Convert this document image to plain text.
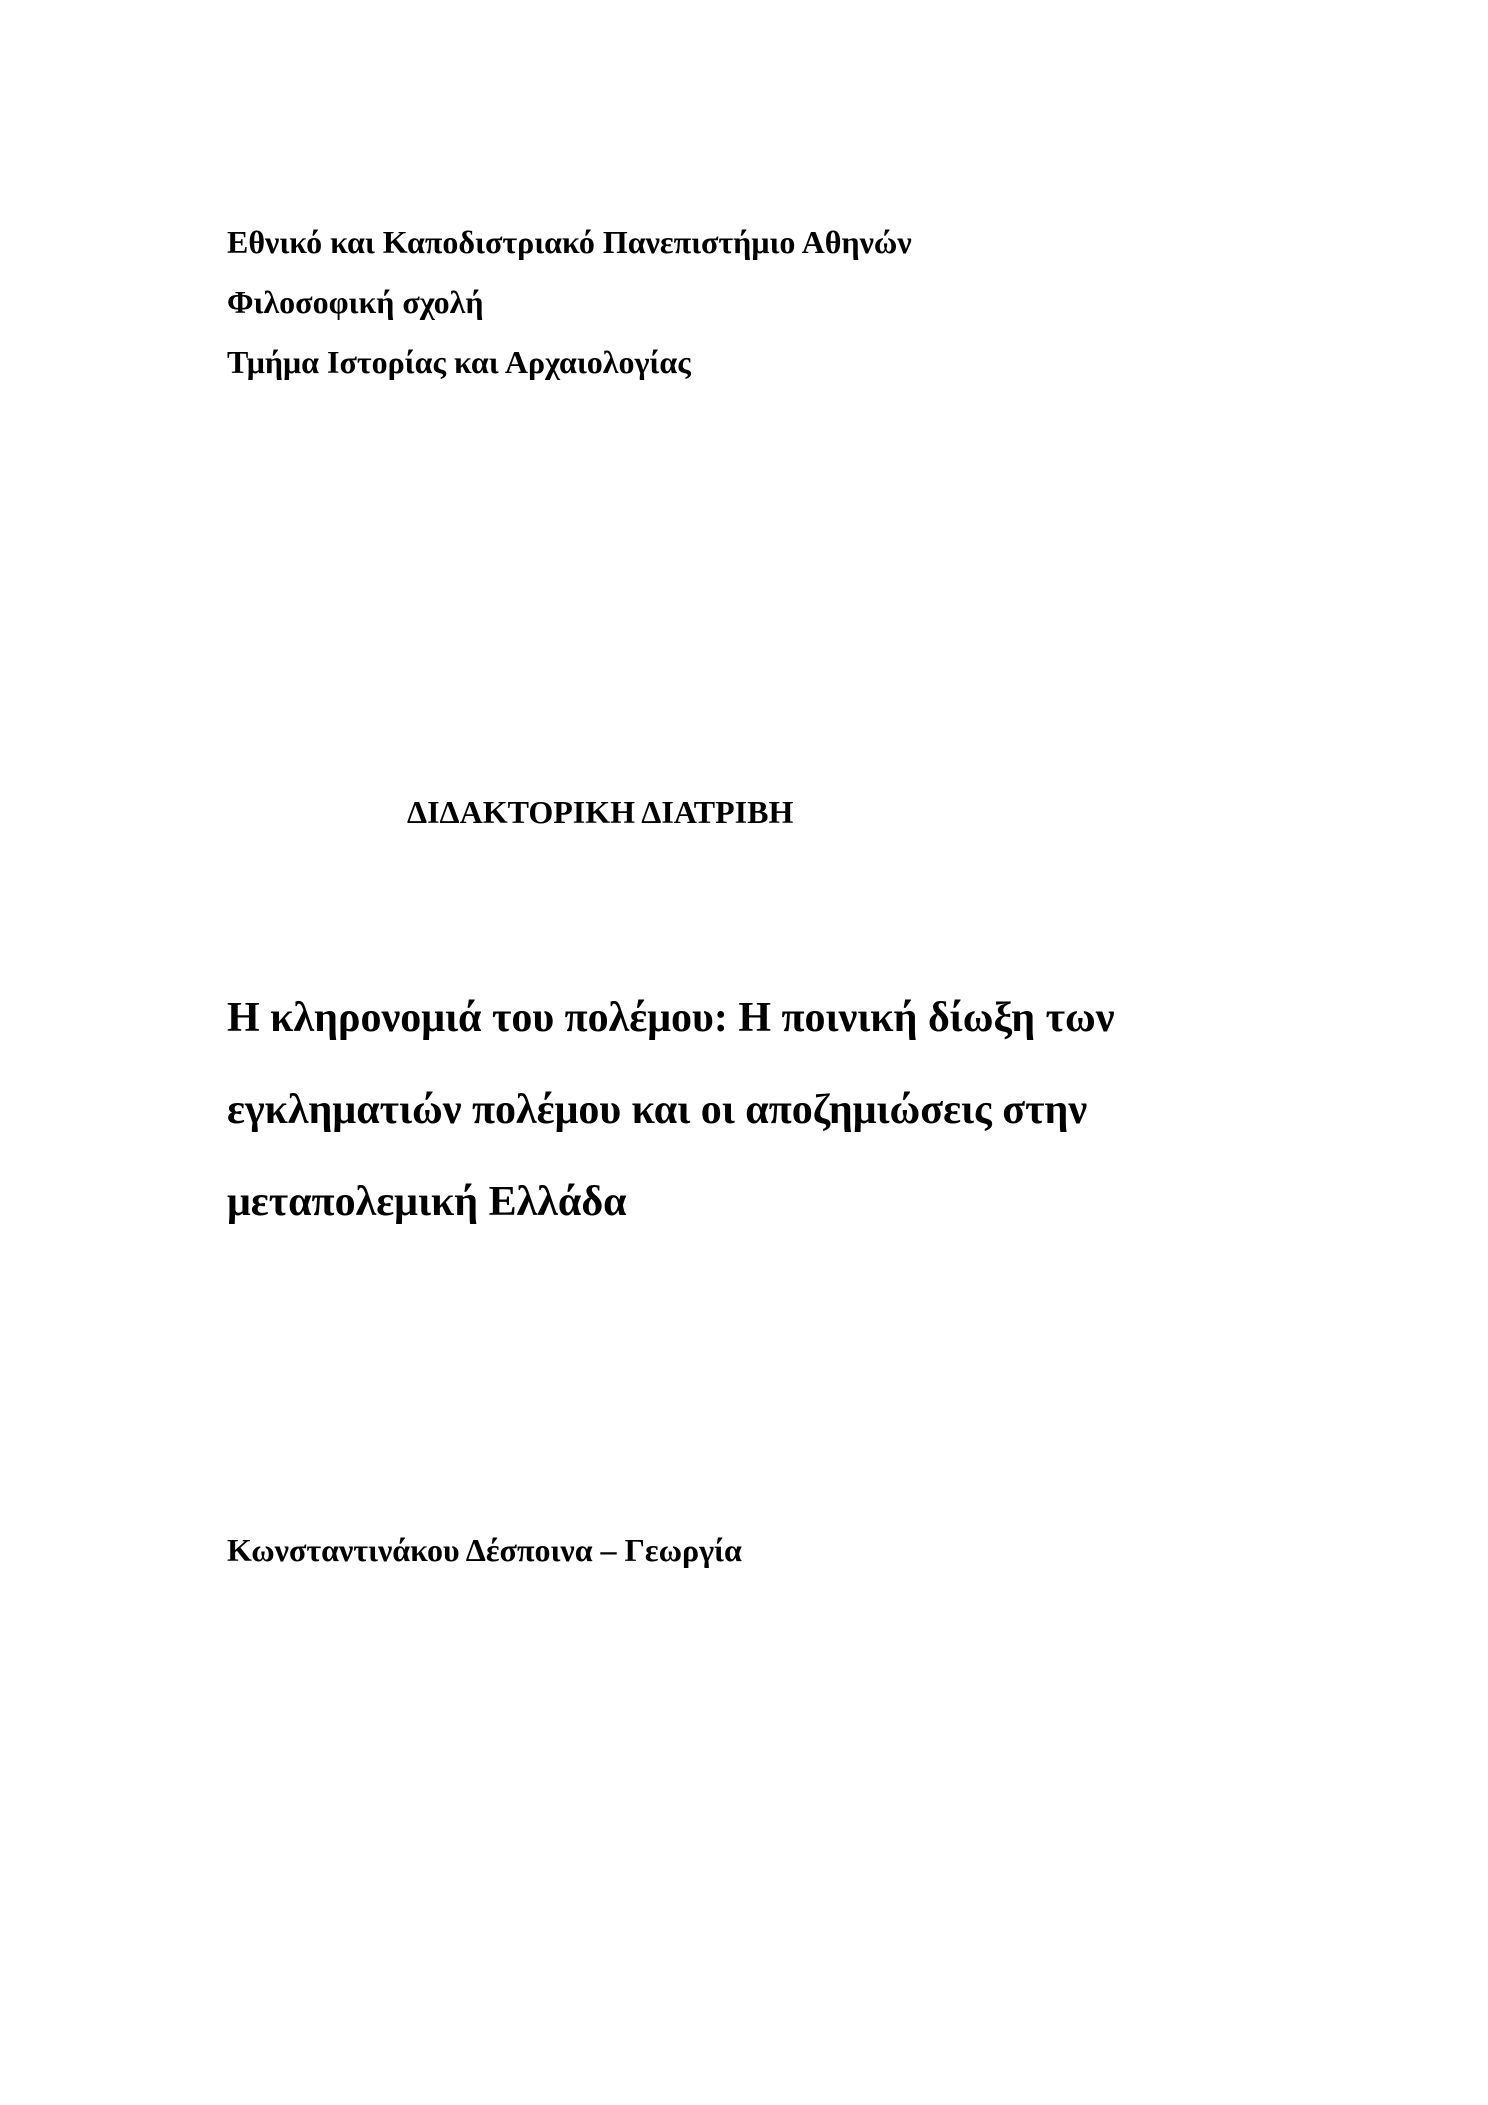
Εθνικό και Καποδιστριακό Πανεπιστήμιο Αθηνών
Φιλοσοφική σχολή
Τμήμα Ιστορίας και Αρχαιολογίας
ΔΙΔΑΚΤΟΡΙΚΗ ΔΙΑΤΡΙΒΗ
Η κληρονομιά του πολέμου: Η ποινική δίωξη των
εγκληματιών πολέμου και οι αποζημιώσεις στην
μεταπολεμική Ελλάδα
Κωνσταντινάκου Δέσποινα – Γεωργία
